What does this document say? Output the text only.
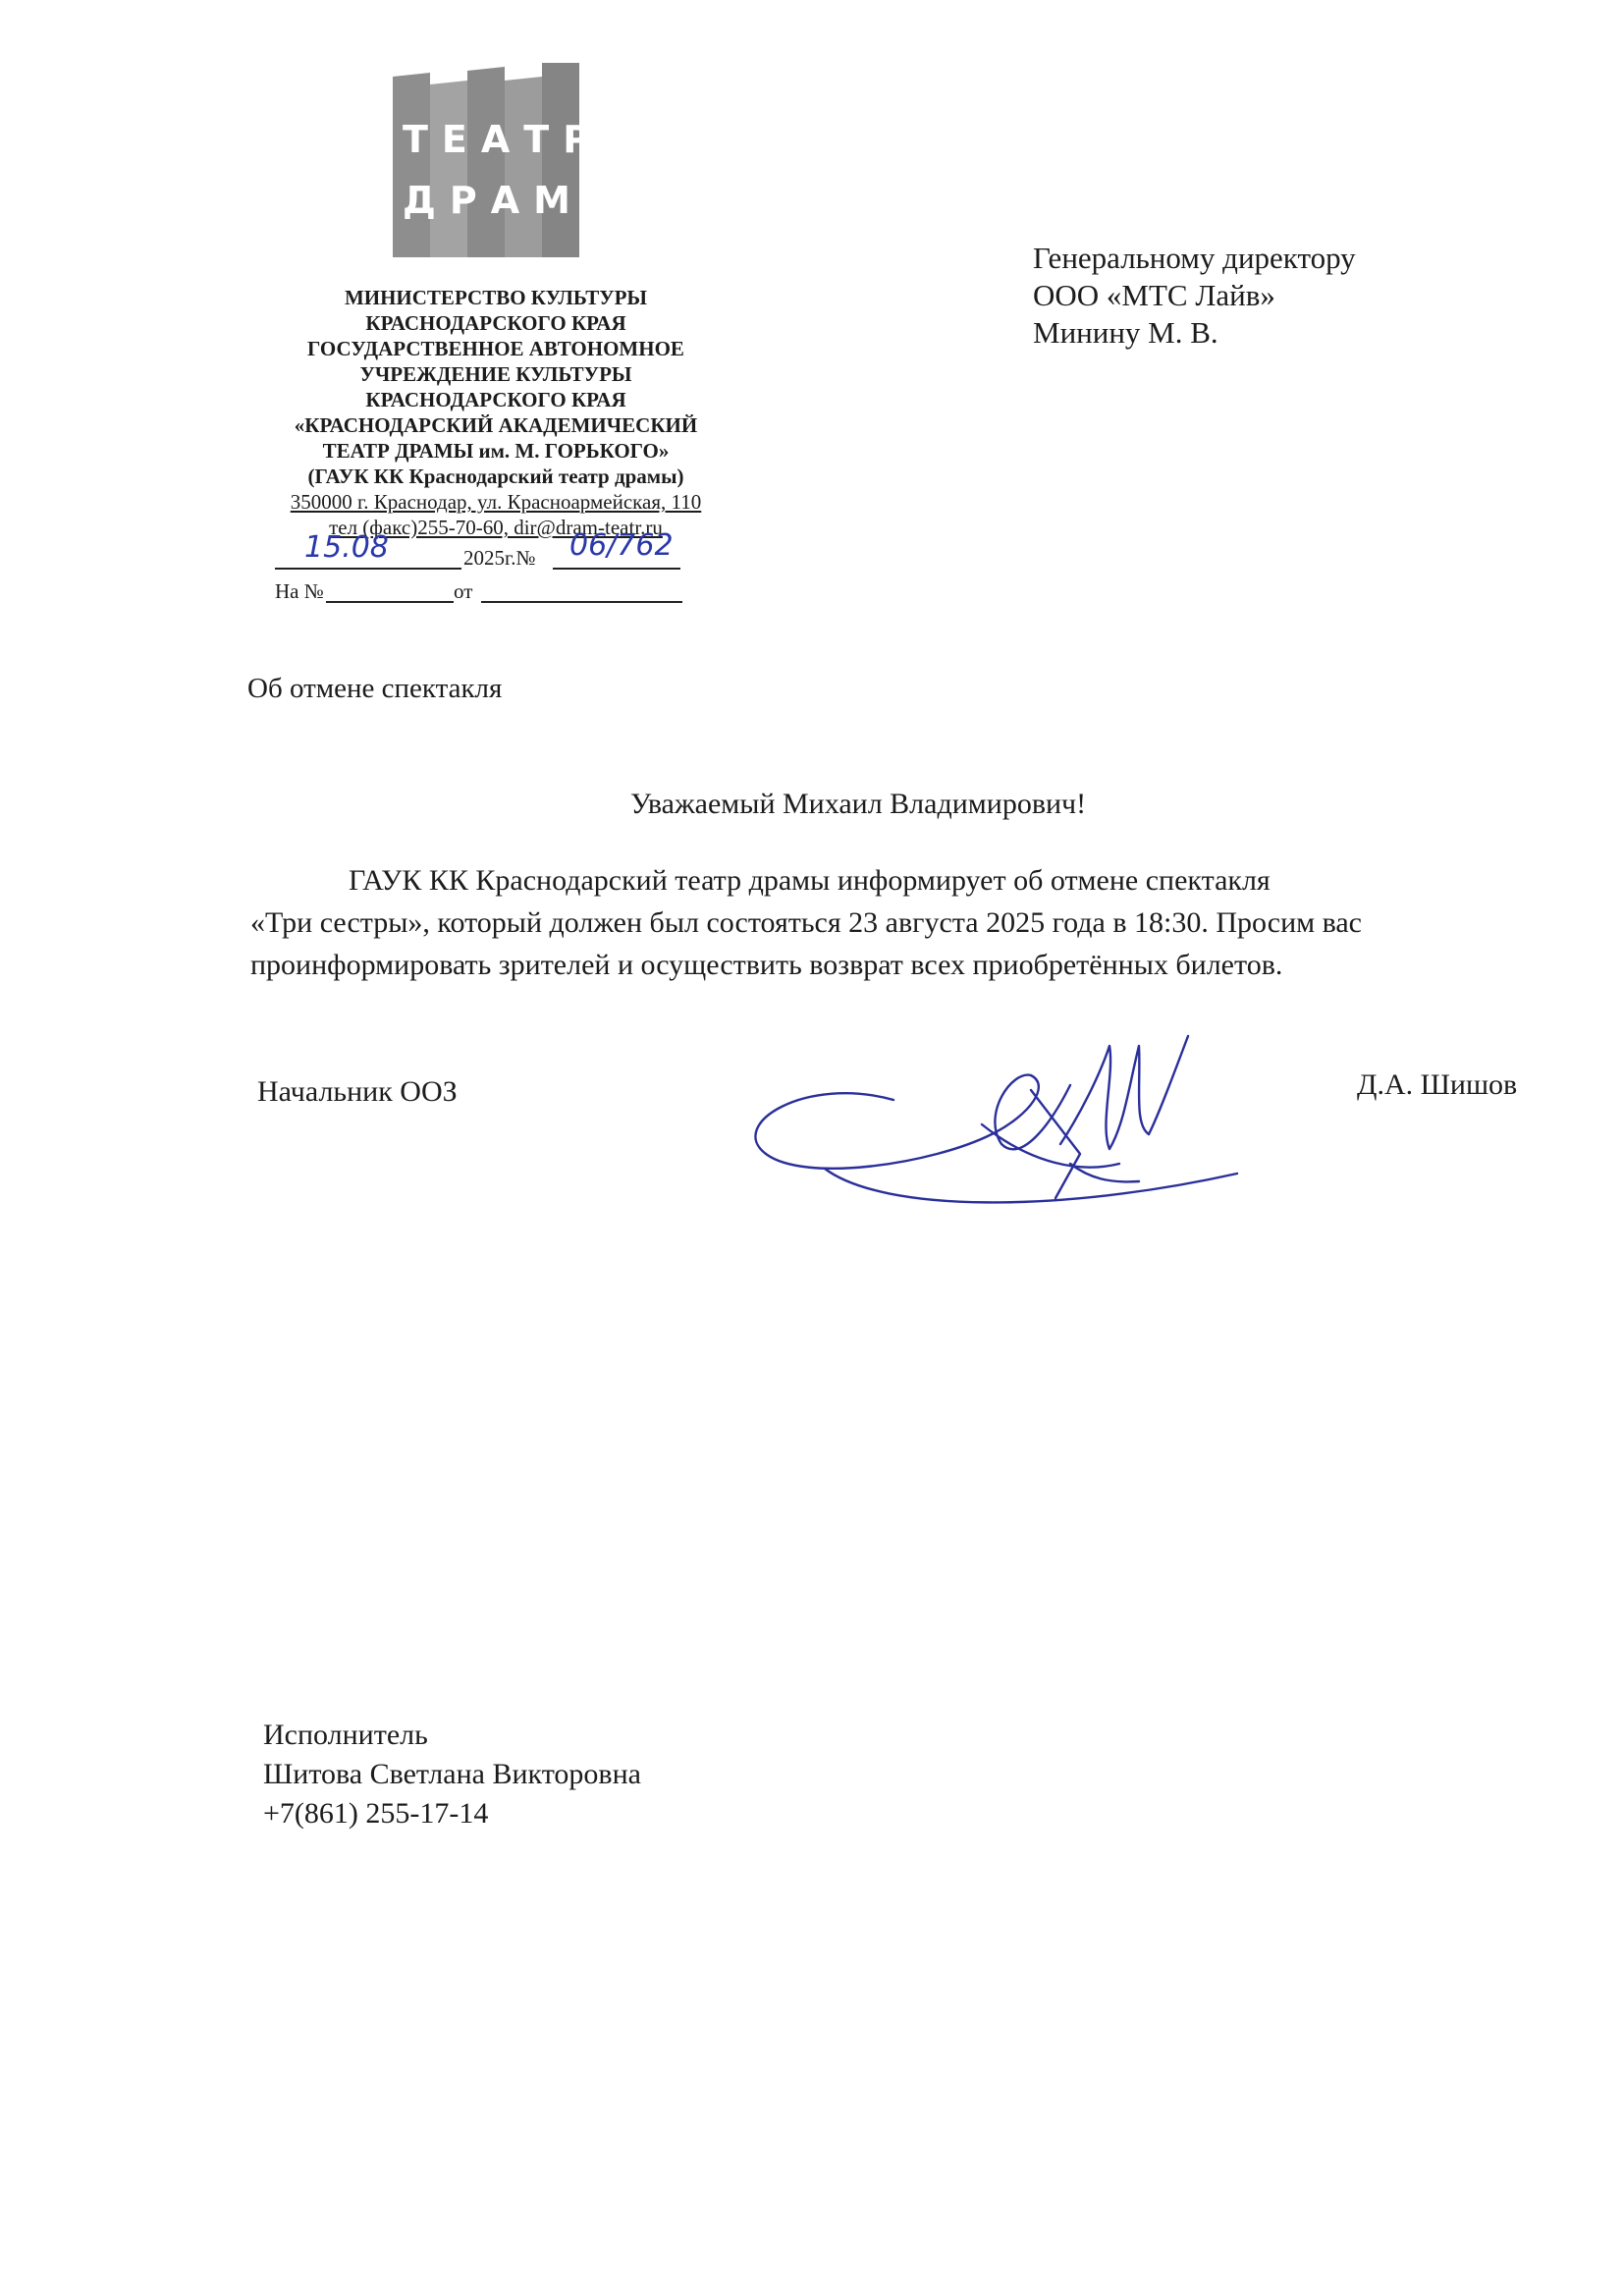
ТЕАТР
ДРАМЫ
МИНИСТЕРСТВО КУЛЬТУРЫ
КРАСНОДАРСКОГО КРАЯ
ГОСУДАРСТВЕННОЕ АВТОНОМНОЕ
УЧРЕЖДЕНИЕ КУЛЬТУРЫ
КРАСНОДАРСКОГО КРАЯ
«КРАСНОДАРСКИЙ АКАДЕМИЧЕСКИЙ
ТЕАТР ДРАМЫ им. М. ГОРЬКОГО»
(ГАУК КК Краснодарский театр драмы)
350000 г. Краснодар, ул. Красноармейская, 110
тел (факс)255-70-60, dir@dram-teatr.ru
15.08	2025г.№ 06/762
На №	от
Генеральному директору
ООО «МТС Лайв»
Минину М. В.
Об отмене спектакля
Уважаемый Михаил Владимирович!
ГАУК КК Краснодарский театр драмы информирует об отмене спектакля
«Три сестры», который должен был состояться 23 августа 2025 года в 18:30. Просим вас
проинформировать зрителей и осуществить возврат всех приобретённых билетов.
Начальник ООЗ	Д.А. Шишов
Исполнитель
Шитова Светлана Викторовна
+7(861) 255-17-14
